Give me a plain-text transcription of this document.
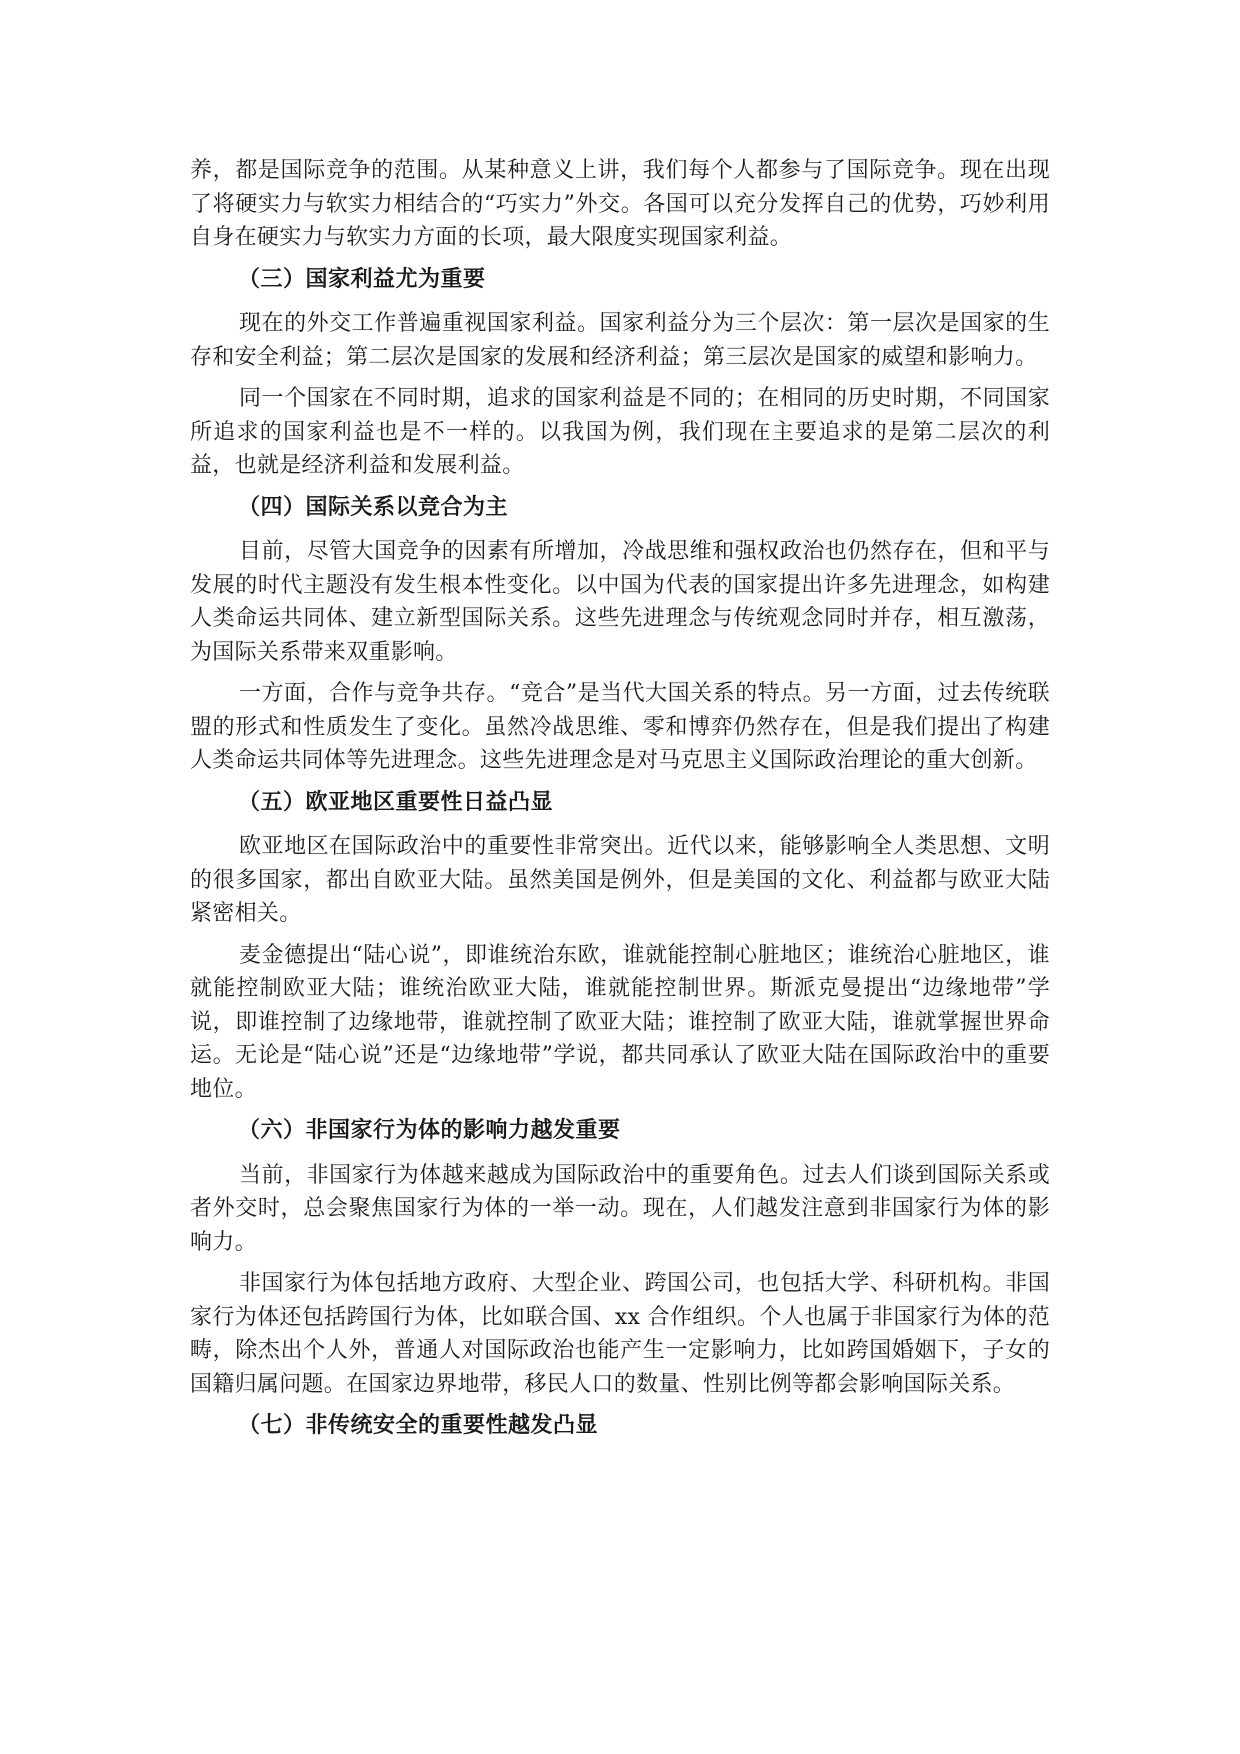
养，都是国际竞争的范围。从某种意义上讲，我们每个人都参与了国际竞争。现在出现了将硬实力与软实力相结合的“巧实力”外交。各国可以充分发挥自己的优势，巧妙利用自身在硬实力与软实力方面的长项，最大限度实现国家利益。

（三）国家利益尤为重要

现在的外交工作普遍重视国家利益。国家利益分为三个层次：第一层次是国家的生存和安全利益；第二层次是国家的发展和经济利益；第三层次是国家的威望和影响力。

同一个国家在不同时期，追求的国家利益是不同的；在相同的历史时期，不同国家所追求的国家利益也是不一样的。以我国为例，我们现在主要追求的是第二层次的利益，也就是经济利益和发展利益。

（四）国际关系以竞合为主

目前，尽管大国竞争的因素有所增加，冷战思维和强权政治也仍然存在，但和平与发展的时代主题没有发生根本性变化。以中国为代表的国家提出许多先进理念，如构建人类命运共同体、建立新型国际关系。这些先进理念与传统观念同时并存，相互激荡，为国际关系带来双重影响。

一方面，合作与竞争共存。“竞合”是当代大国关系的特点。另一方面，过去传统联盟的形式和性质发生了变化。虽然冷战思维、零和博弈仍然存在，但是我们提出了构建人类命运共同体等先进理念。这些先进理念是对马克思主义国际政治理论的重大创新。

（五）欧亚地区重要性日益凸显

欧亚地区在国际政治中的重要性非常突出。近代以来，能够影响全人类思想、文明的很多国家，都出自欧亚大陆。虽然美国是例外，但是美国的文化、利益都与欧亚大陆紧密相关。

麦金德提出“陆心说”，即谁统治东欧，谁就能控制心脏地区；谁统治心脏地区，谁就能控制欧亚大陆；谁统治欧亚大陆，谁就能控制世界。斯派克曼提出“边缘地带”学说，即谁控制了边缘地带，谁就控制了欧亚大陆；谁控制了欧亚大陆，谁就掌握世界命运。无论是“陆心说”还是“边缘地带”学说，都共同承认了欧亚大陆在国际政治中的重要地位。

（六）非国家行为体的影响力越发重要

当前，非国家行为体越来越成为国际政治中的重要角色。过去人们谈到国际关系或者外交时，总会聚焦国家行为体的一举一动。现在，人们越发注意到非国家行为体的影响力。

非国家行为体包括地方政府、大型企业、跨国公司，也包括大学、科研机构。非国家行为体还包括跨国行为体，比如联合国、xx 合作组织。个人也属于非国家行为体的范畴，除杰出个人外，普通人对国际政治也能产生一定影响力，比如跨国婚姻下，子女的国籍归属问题。在国家边界地带，移民人口的数量、性别比例等都会影响国际关系。

（七）非传统安全的重要性越发凸显
